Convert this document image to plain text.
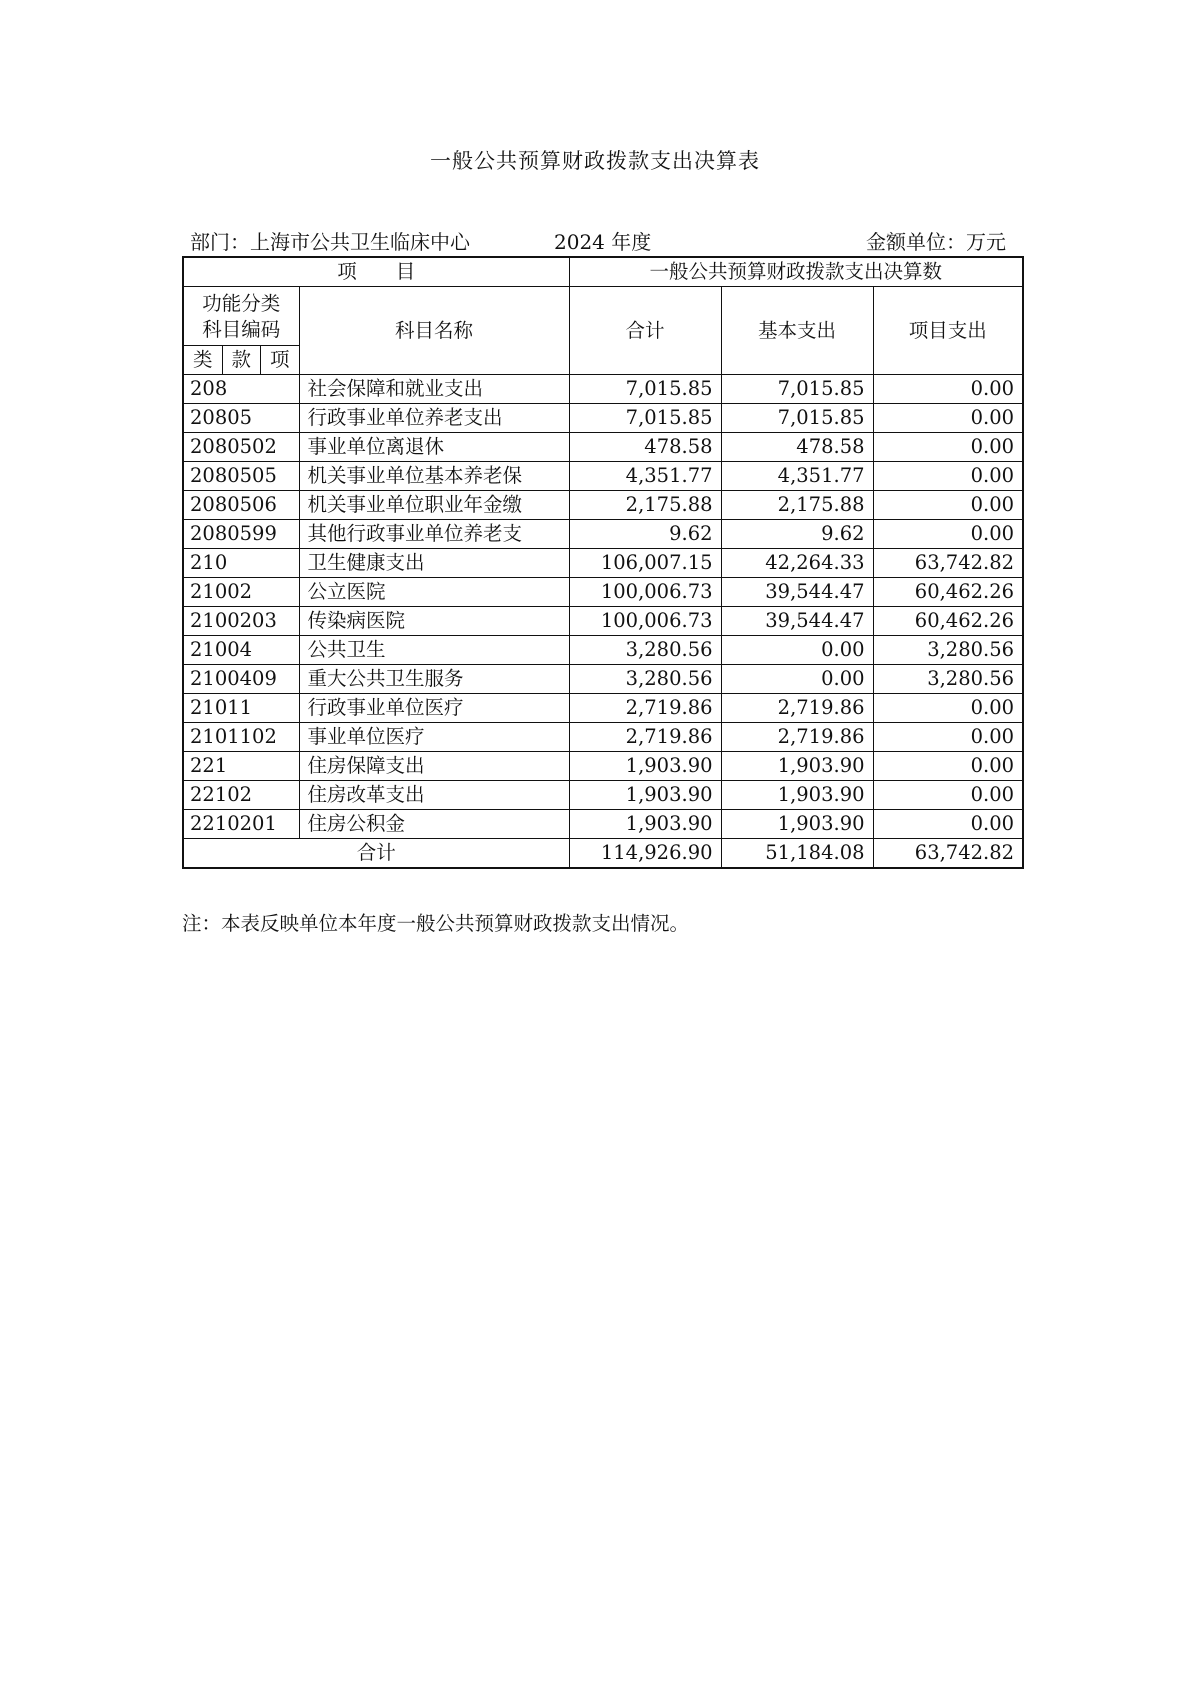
一般公共预算财政拨款支出决算表
部门：上海市公共卫生临床中心	2024 年度	金额单位：万元
项　　目		一般公共预算财政拨款支出决算数		

功能分类
科目编码
类 款 项	科目名称	合计	基本支出	项目支出
208	社会保障和就业支出	7,015.85	7,015.85	0.00
20805	行政事业单位养老支出	7,015.85	7,015.85	0.00
2080502	事业单位离退休	478.58	478.58	0.00
2080505	机关事业单位基本养老保	4,351.77	4,351.77	0.00
2080506	机关事业单位职业年金缴	2,175.88	2,175.88	0.00
2080599	其他行政事业单位养老支	9.62	9.62	0.00
210	卫生健康支出	106,007.15	42,264.33	63,742.82
21002	公立医院	100,006.73	39,544.47	60,462.26
2100203	传染病医院	100,006.73	39,544.47	60,462.26
21004	公共卫生	3,280.56	0.00	3,280.56
2100409	重大公共卫生服务	3,280.56	0.00	3,280.56
21011	行政事业单位医疗	2,719.86	2,719.86	0.00
2101102	事业单位医疗	2,719.86	2,719.86	0.00
221	住房保障支出	1,903.90	1,903.90	0.00
22102	住房改革支出	1,903.90	1,903.90	0.00
2210201	住房公积金	1,903.90	1,903.90	0.00
合计		114,926.90	51,184.08	63,742.82
注：本表反映单位本年度一般公共预算财政拨款支出情况。
